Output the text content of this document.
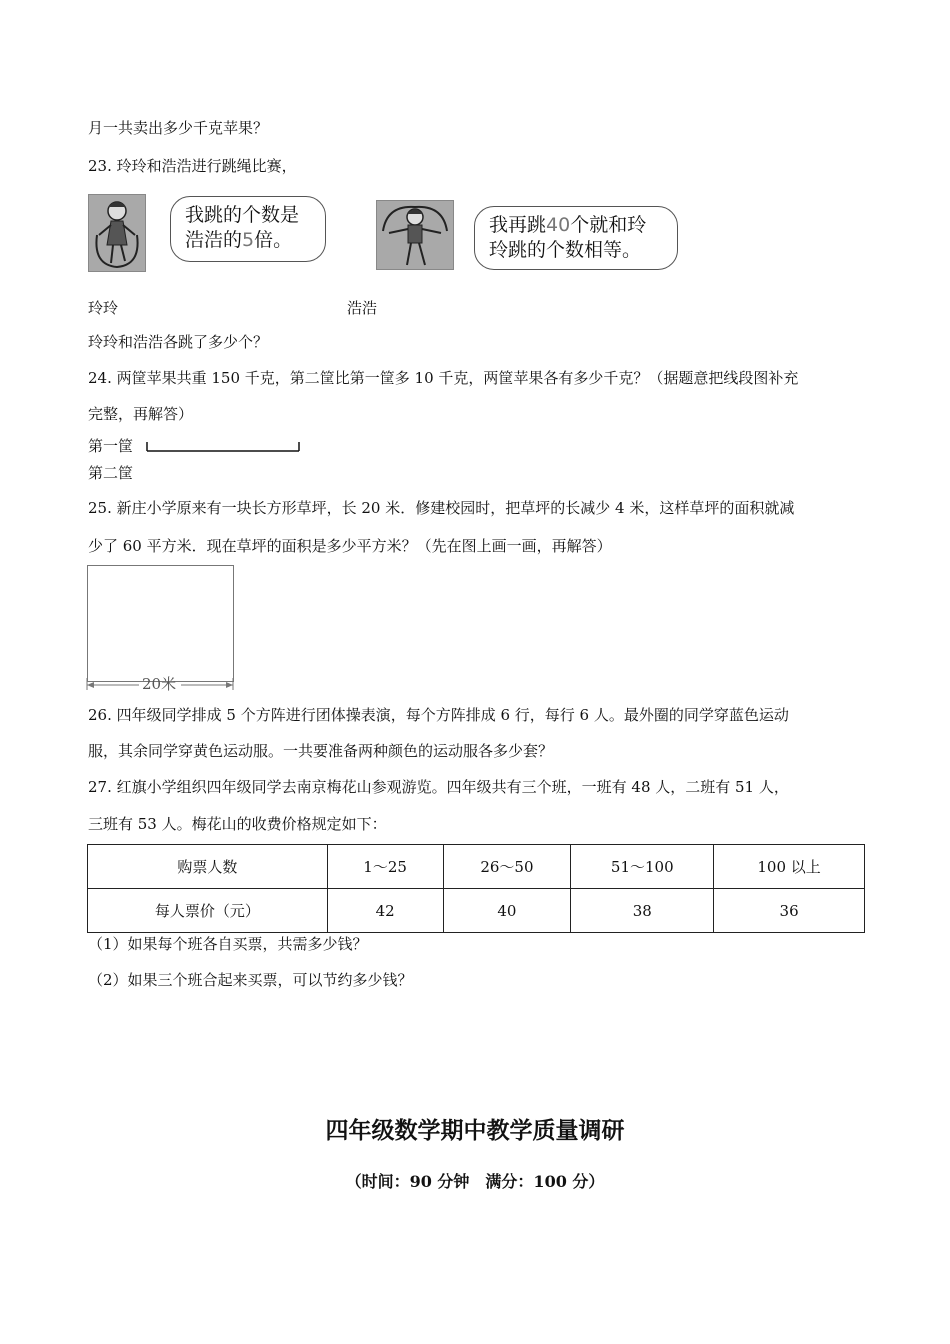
月一共卖出多少千克苹果？
23. 玲玲和浩浩进行跳绳比赛，
我跳的个数是
浩浩的5倍。
我再跳40个就和玲
玲跳的个数相等。
玲玲	浩浩
玲玲和浩浩各跳了多少个？
24. 两筐苹果共重 150 千克，第二筐比第一筐多 10 千克，两筐苹果各有多少千克？（据题意把线段图补充
完整，再解答）
第一筐
第二筐
25. 新庄小学原来有一块长方形草坪，长 20 米．修建校园时，把草坪的长减少 4 米，这样草坪的面积就减
少了 60 平方米．现在草坪的面积是多少平方米？（先在图上画一画，再解答）
20米
26. 四年级同学排成 5 个方阵进行团体操表演，每个方阵排成 6 行，每行 6 人。最外圈的同学穿蓝色运动
服，其余同学穿黄色运动服。一共要准备两种颜色的运动服各多少套？
27. 红旗小学组织四年级同学去南京梅花山参观游览。四年级共有三个班，一班有 48 人，二班有 51 人，
三班有 53 人。梅花山的收费价格规定如下：
购票人数	1～25	26～50	51～100	100 以上
每人票价（元）	42	40	38	36
（1）如果每个班各自买票，共需多少钱？
（2）如果三个班合起来买票，可以节约多少钱？
四年级数学期中教学质量调研
（时间：90 分钟　满分：100 分）
